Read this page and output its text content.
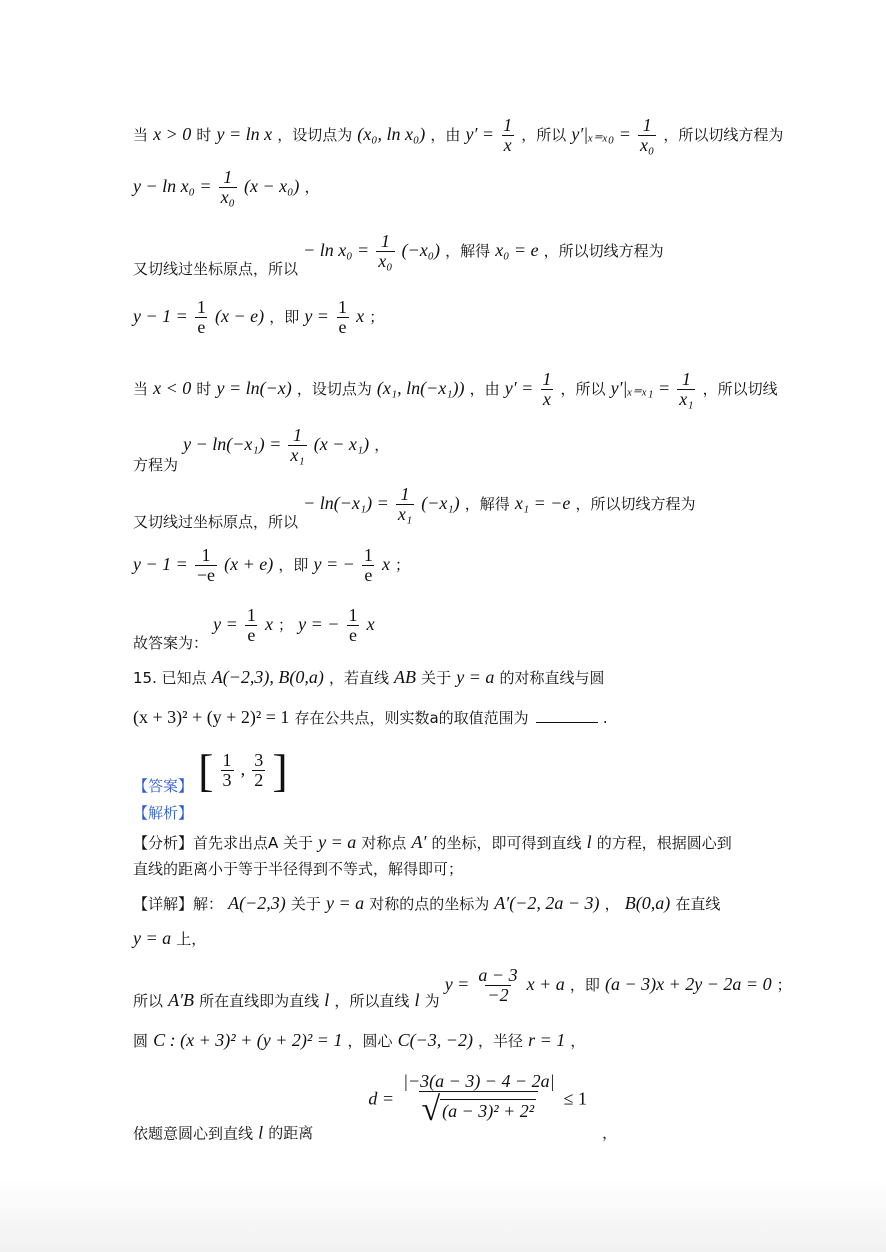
当 x > 0 时 y = ln x ，设切点为 (x₀, ln x₀) ，由 $y' = \frac{1}{x}$ ，所以 $y'|_{x=x0} = \frac{1}{\text{x₀}}$ ，所以切线方程为
$y - \ln x_0 = \frac{1}{\text{x₀}} (x - x_0)$ ，
又切线过坐标原点，所以 − $\ln x_0 = \frac{1}{\text{x₀}} (-x_0)$ ，解得 x₀ = e ，所以切线方程为
$y - 1 = \frac{1}{e} (x - e)$ ，即 $y = \frac{1}{e}$ x ；
当 x < 0 时 y = ln(−x) ，设切点为 (x₁, ln(−x₁)) ，由 $y' = \frac{1}{x}$ ，所以 $y'|_{x=x1} = \frac{1}{\text{x₁}}$ ，所以切线
方程为 $y - \ln(-x_1) = \frac{1}{\text{x₁}} (x - x_1)$ ，
又切线过坐标原点，所以 − $\ln(-x_1) = \frac{1}{\text{x₁}} (-x_1)$ ，解得 x₁ = −e ，所以切线方程为
$y - 1 = \frac{1}{-e} (x + e)$ ，即 y = − $\frac{1}{e}$ x ；
故答案为： $y = \frac{1}{e}$ x ； y = − $\frac{1}{e}$ x
15. 已知点 A(−2,3), B(0,a) ，若直线 AB 关于 y = a 的对称直线与圆
(x + 3)² + (y + 2)² = 1 存在公共点，则实数a的取值范围为	.
【答案】 [ $\frac{1}{3}$ , $\frac{3}{2}$ ]
【解析】
【分析】首先求出点A 关于 y = a 对称点 A′ 的坐标，即可得到直线 l 的方程，根据圆心到
直线的距离小于等于半径得到不等式，解得即可；
【详解】解： A(−2,3) 关于 y = a 对称的点的坐标为 A′(−2, 2a − 3) ， B(0,a) 在直线
y = a 上，
所以 A′B 所在直线即为直线 l ，所以直线 l 为 $y = \frac{a - 3}{-2}$ x + a ，即 (a − 3)x + 2y − 2a = 0 ；
圆 C : (x + 3)² + (y + 2)² = 1 ，圆心 C(−3, −2) ，半径 r = 1 ，
依题意圆心到直线 l 的距离 $d = \frac{|-3(a - 3) - 4 - 2a|}{\text{√ (a − 3)² + 2²}} \le 1$ ，
